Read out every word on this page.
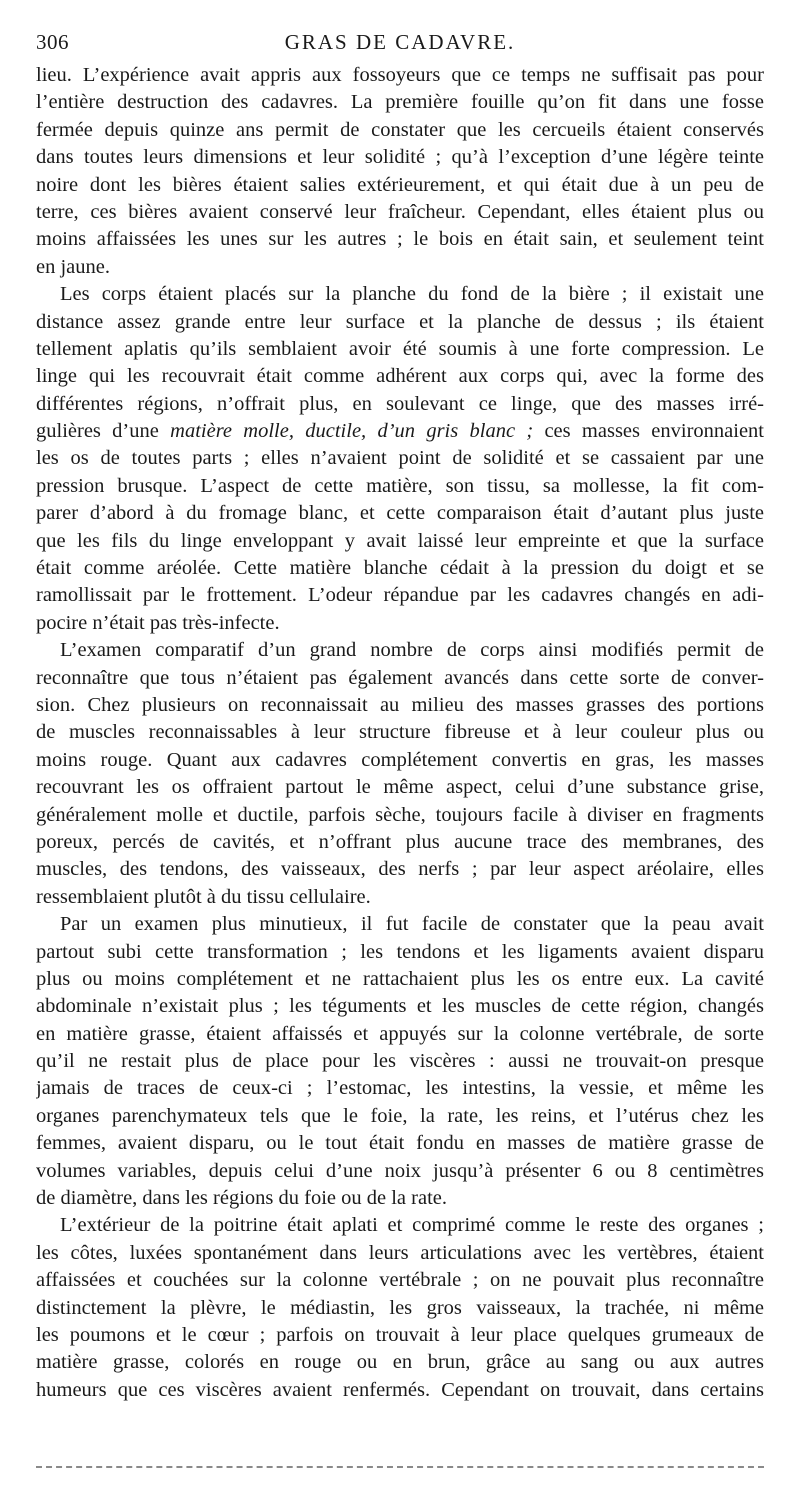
306	GRAS DE CADAVRE.
lieu. L’expérience avait appris aux fossoyeurs que ce temps ne suffisait pas pour
l’entière destruction des cadavres. La première fouille qu’on fit dans une fosse
fermée depuis quinze ans permit de constater que les cercueils étaient conservés
dans toutes leurs dimensions et leur solidité ; qu’à l’exception d’une légère teinte
noire dont les bières étaient salies extérieurement, et qui était due à un peu de
terre, ces bières avaient conservé leur fraîcheur. Cependant, elles étaient plus ou
moins affaissées les unes sur les autres ; le bois en était sain, et seulement teint
en jaune.
Les corps étaient placés sur la planche du fond de la bière ; il existait une
distance assez grande entre leur surface et la planche de dessus ; ils étaient
tellement aplatis qu’ils semblaient avoir été soumis à une forte compression. Le
linge qui les recouvrait était comme adhérent aux corps qui, avec la forme des
différentes régions, n’offrait plus, en soulevant ce linge, que des masses irré-
gulières d’une matière molle, ductile, d’un gris blanc ; ces masses environnaient
les os de toutes parts ; elles n’avaient point de solidité et se cassaient par une
pression brusque. L’aspect de cette matière, son tissu, sa mollesse, la fit com-
parer d’abord à du fromage blanc, et cette comparaison était d’autant plus juste
que les fils du linge enveloppant y avait laissé leur empreinte et que la surface
était comme aréolée. Cette matière blanche cédait à la pression du doigt et se
ramollissait par le frottement. L’odeur répandue par les cadavres changés en adi-
pocire n’était pas très-infecte.
L’examen comparatif d’un grand nombre de corps ainsi modifiés permit de
reconnaître que tous n’étaient pas également avancés dans cette sorte de conver-
sion. Chez plusieurs on reconnaissait au milieu des masses grasses des portions
de muscles reconnaissables à leur structure fibreuse et à leur couleur plus ou
moins rouge. Quant aux cadavres complétement convertis en gras, les masses
recouvrant les os offraient partout le même aspect, celui d’une substance grise,
généralement molle et ductile, parfois sèche, toujours facile à diviser en fragments
poreux, percés de cavités, et n’offrant plus aucune trace des membranes, des
muscles, des tendons, des vaisseaux, des nerfs ; par leur aspect aréolaire, elles
ressemblaient plutôt à du tissu cellulaire.
Par un examen plus minutieux, il fut facile de constater que la peau avait
partout subi cette transformation ; les tendons et les ligaments avaient disparu
plus ou moins complétement et ne rattachaient plus les os entre eux. La cavité
abdominale n’existait plus ; les téguments et les muscles de cette région, changés
en matière grasse, étaient affaissés et appuyés sur la colonne vertébrale, de sorte
qu’il ne restait plus de place pour les viscères : aussi ne trouvait-on presque
jamais de traces de ceux-ci ; l’estomac, les intestins, la vessie, et même les
organes parenchymateux tels que le foie, la rate, les reins, et l’utérus chez les
femmes, avaient disparu, ou le tout était fondu en masses de matière grasse de
volumes variables, depuis celui d’une noix jusqu’à présenter 6 ou 8 centimètres
de diamètre, dans les régions du foie ou de la rate.
L’extérieur de la poitrine était aplati et comprimé comme le reste des organes ;
les côtes, luxées spontanément dans leurs articulations avec les vertèbres, étaient
affaissées et couchées sur la colonne vertébrale ; on ne pouvait plus reconnaître
distinctement la plèvre, le médiastin, les gros vaisseaux, la trachée, ni même
les poumons et le cœur ; parfois on trouvait à leur place quelques grumeaux de
matière grasse, colorés en rouge ou en brun, grâce au sang ou aux autres
humeurs que ces viscères avaient renfermés. Cependant on trouvait, dans certains
